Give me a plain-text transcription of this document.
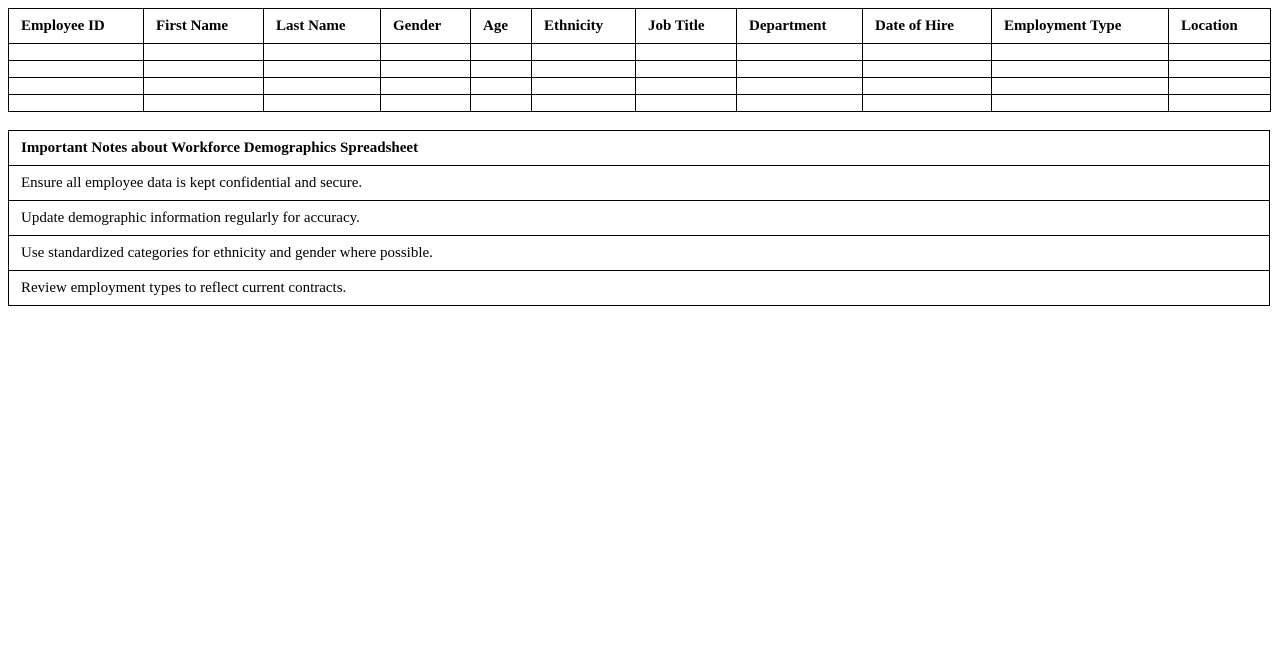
Employee ID	First Name	Last Name	Gender	Age	Ethnicity	Job Title	Department	Date of Hire	Employment Type	Location

Important Notes about Workforce Demographics Spreadsheet
Ensure all employee data is kept confidential and secure.
Update demographic information regularly for accuracy.
Use standardized categories for ethnicity and gender where possible.
Review employment types to reflect current contracts.
